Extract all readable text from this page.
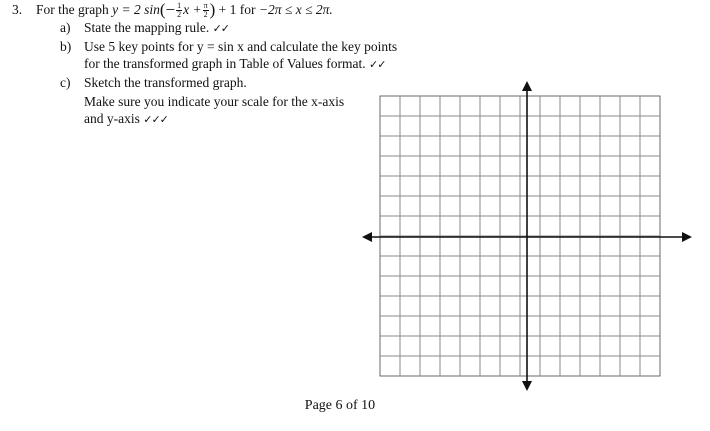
3. For the graph y = 2 $\sin(- \frac{1}{2}$ $x + \frac{\pi}{2}$ ) + 1 for −2π ≤ x ≤ 2π.
a) State the mapping rule. ✓✓
b) Use 5 key points for y = sin x and calculate the key points
for the transformed graph in Table of Values format. ✓✓
c) Sketch the transformed graph.
Make sure you indicate your scale for the x-axis
and y-axis ✓✓✓
Page 6 of 10
